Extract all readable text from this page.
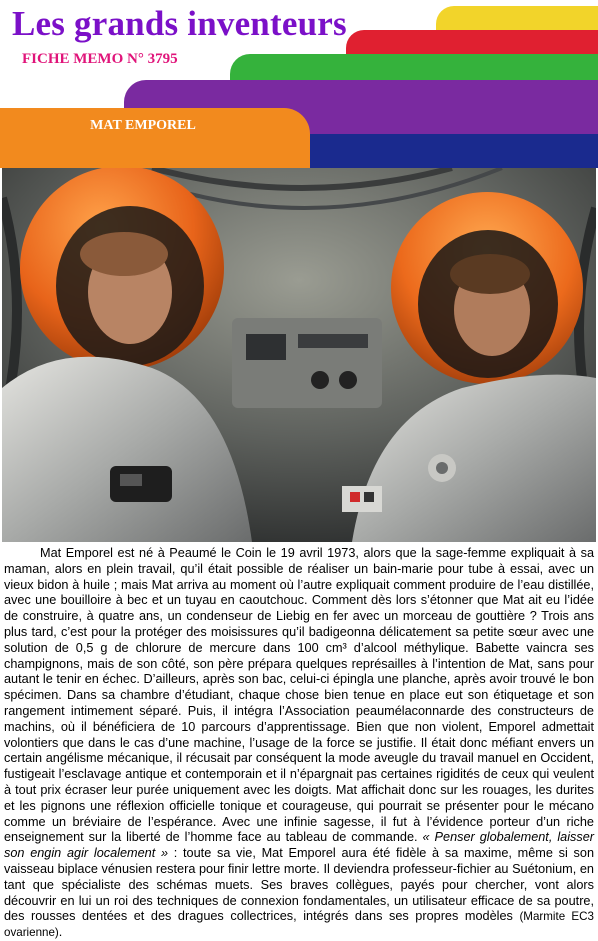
Les grands inventeurs
FICHE MEMO N° 3795
MAT EMPOREL

Mat Emporel est né à Peaumé le Coin le 19 avril 1973, alors que la sage-femme expliquait à sa maman, alors en plein travail, qu’il était possible de réaliser un bain-marie pour tube à essai, avec un vieux bidon à huile ; mais Mat arriva au moment où l’autre expliquait comment produire de l’eau distillée, avec une bouilloire à bec et un tuyau en caoutchouc. Comment dès lors s’étonner que Mat ait eu l’idée de construire, à quatre ans, un condenseur de Liebig en fer avec un morceau de gouttière ? Trois ans plus tard, c’est pour la protéger des moisissures qu’il badigeonna délicatement sa petite sœur avec une solution de 0,5 g de chlorure de mercure dans 100 cm³ d’alcool méthylique. Babette vaincra ses champignons, mais de son côté, son père prépara quelques représailles à l’intention de Mat, sans pour autant le tenir en échec. D’ailleurs, après son bac, celui-ci épingla une planche, après avoir trouvé le bon spécimen. Dans sa chambre d’étudiant, chaque chose bien tenue en place eut son étiquetage et son rangement intimement séparé. Puis, il intégra l’Association peaumélaconnarde des constructeurs de machins, où il bénéficiera de 10 parcours d’apprentissage. Bien que non violent, Emporel admettait volontiers que dans le cas d’une machine, l’usage de la force se justifie. Il était donc méfiant envers un certain angélisme mécanique, il récusait par conséquent la mode aveugle du travail manuel en Occident, fustigeait l’esclavage antique et contemporain et il n’épargnait pas certaines rigidités de ceux qui veulent à tout prix écraser leur purée uniquement avec les doigts. Mat affichait donc sur les rouages, les durites et les pignons une réflexion officielle tonique et courageuse, qui pourrait se présenter pour le mécano comme un bréviaire de l’espérance. Avec une infinie sagesse, il fut à l’évidence porteur d’un riche enseignement sur la liberté de l’homme face au tableau de commande. « Penser globalement, laisser son engin agir localement » : toute sa vie, Mat Emporel aura été fidèle à sa maxime, même si son vaisseau biplace vénusien restera pour finir lettre morte. Il deviendra professeur-fichier au Suétonium, en tant que spécialiste des schémas muets. Ses braves collègues, payés pour chercher, vont alors découvrir en lui un roi des techniques de connexion fondamentales, un utilisateur efficace de sa poutre, des rousses dentées et des dragues collectrices, intégrés dans ses propres modèles (Marmite EC3 ovarienne).
